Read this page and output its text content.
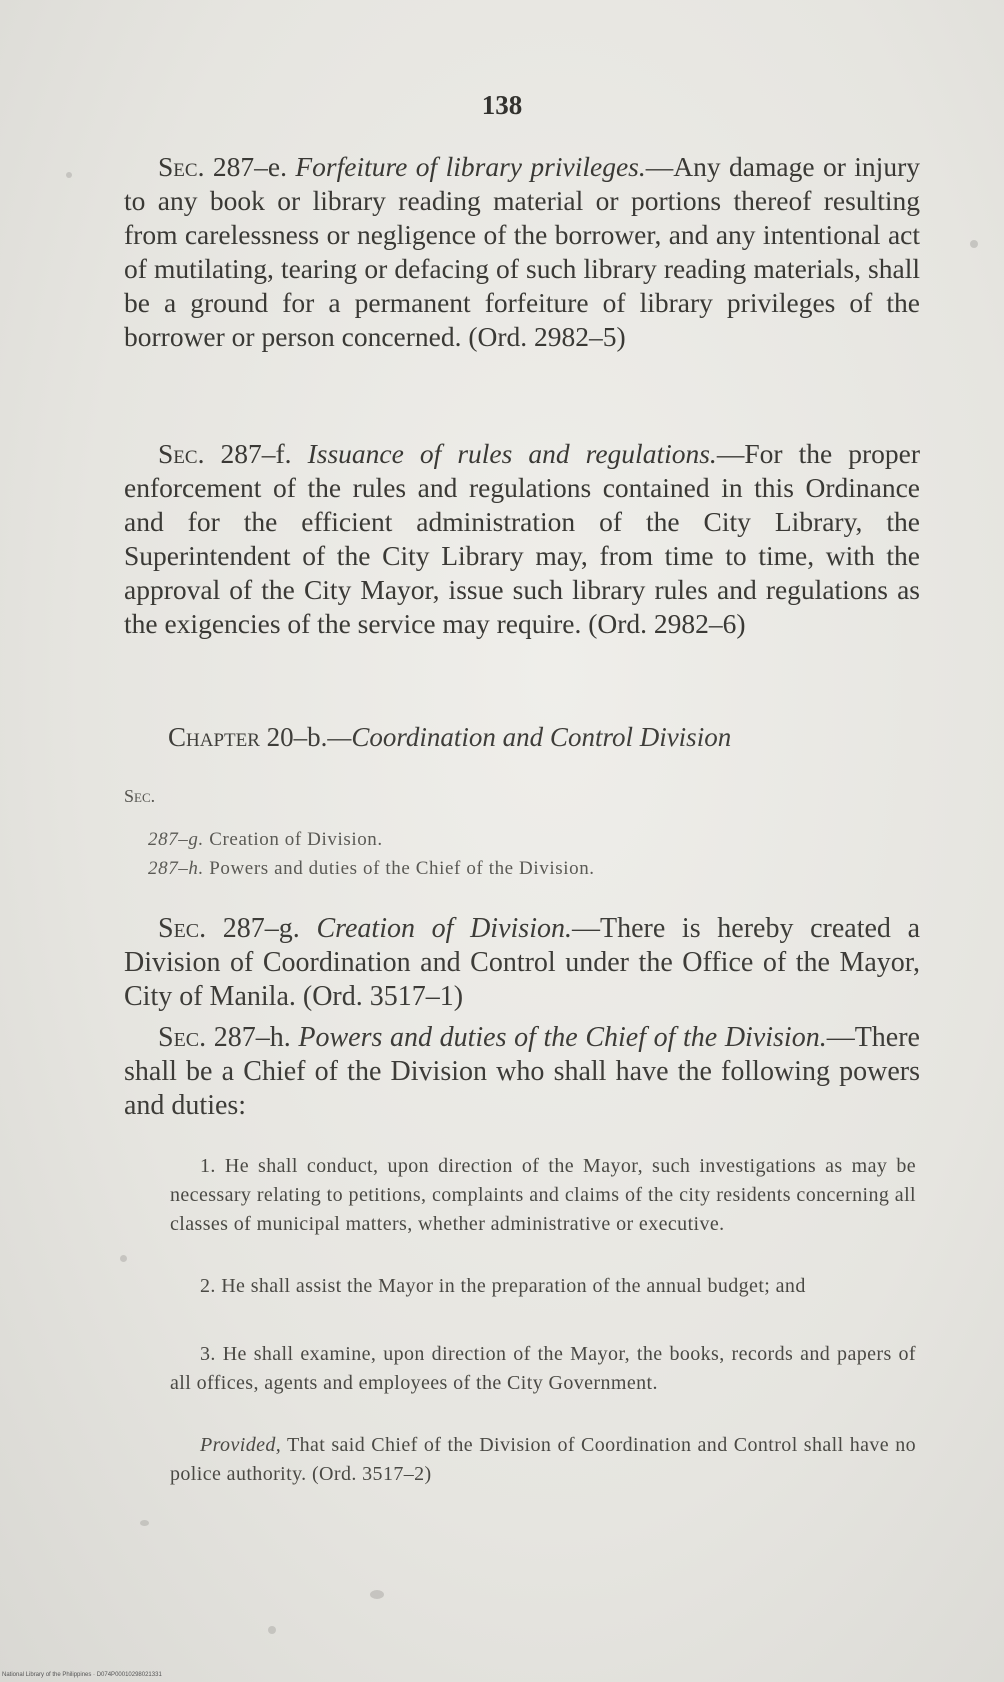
138

Sec. 287–e. Forfeiture of library privileges.—Any damage or injury to any book or library reading material or portions thereof resulting from carelessness or negligence of the borrower, and any intentional act of mutilating, tearing or defacing of such library reading materials, shall be a ground for a permanent forfeiture of library privileges of the borrower or person concerned. (Ord. 2982–5)

Sec. 287–f. Issuance of rules and regulations.—For the proper enforcement of the rules and regulations contained in this Ordinance and for the efficient administration of the City Library, the Superintendent of the City Library may, from time to time, with the approval of the City Mayor, issue such library rules and regulations as the exigencies of the service may require. (Ord. 2982–6)

Chapter 20–b.—Coordination and Control Division
Sec.
287–g. Creation of Division.
287–h. Powers and duties of the Chief of the Division.

Sec. 287–g. Creation of Division.—There is hereby created a Division of Coordination and Control under the Office of the Mayor, City of Manila. (Ord. 3517–1)

Sec. 287–h. Powers and duties of the Chief of the Division.—There shall be a Chief of the Division who shall have the following powers and duties:

1. He shall conduct, upon direction of the Mayor, such investigations as may be necessary relating to petitions, complaints and claims of the city residents concerning all classes of municipal matters, whether administrative or executive.

2. He shall assist the Mayor in the preparation of the annual budget; and

3. He shall examine, upon direction of the Mayor, the books, records and papers of all offices, agents and employees of the City Government.

Provided, That said Chief of the Division of Coordination and Control shall have no police authority. (Ord. 3517–2)

National Library of the Philippines · D074P00010298021331
